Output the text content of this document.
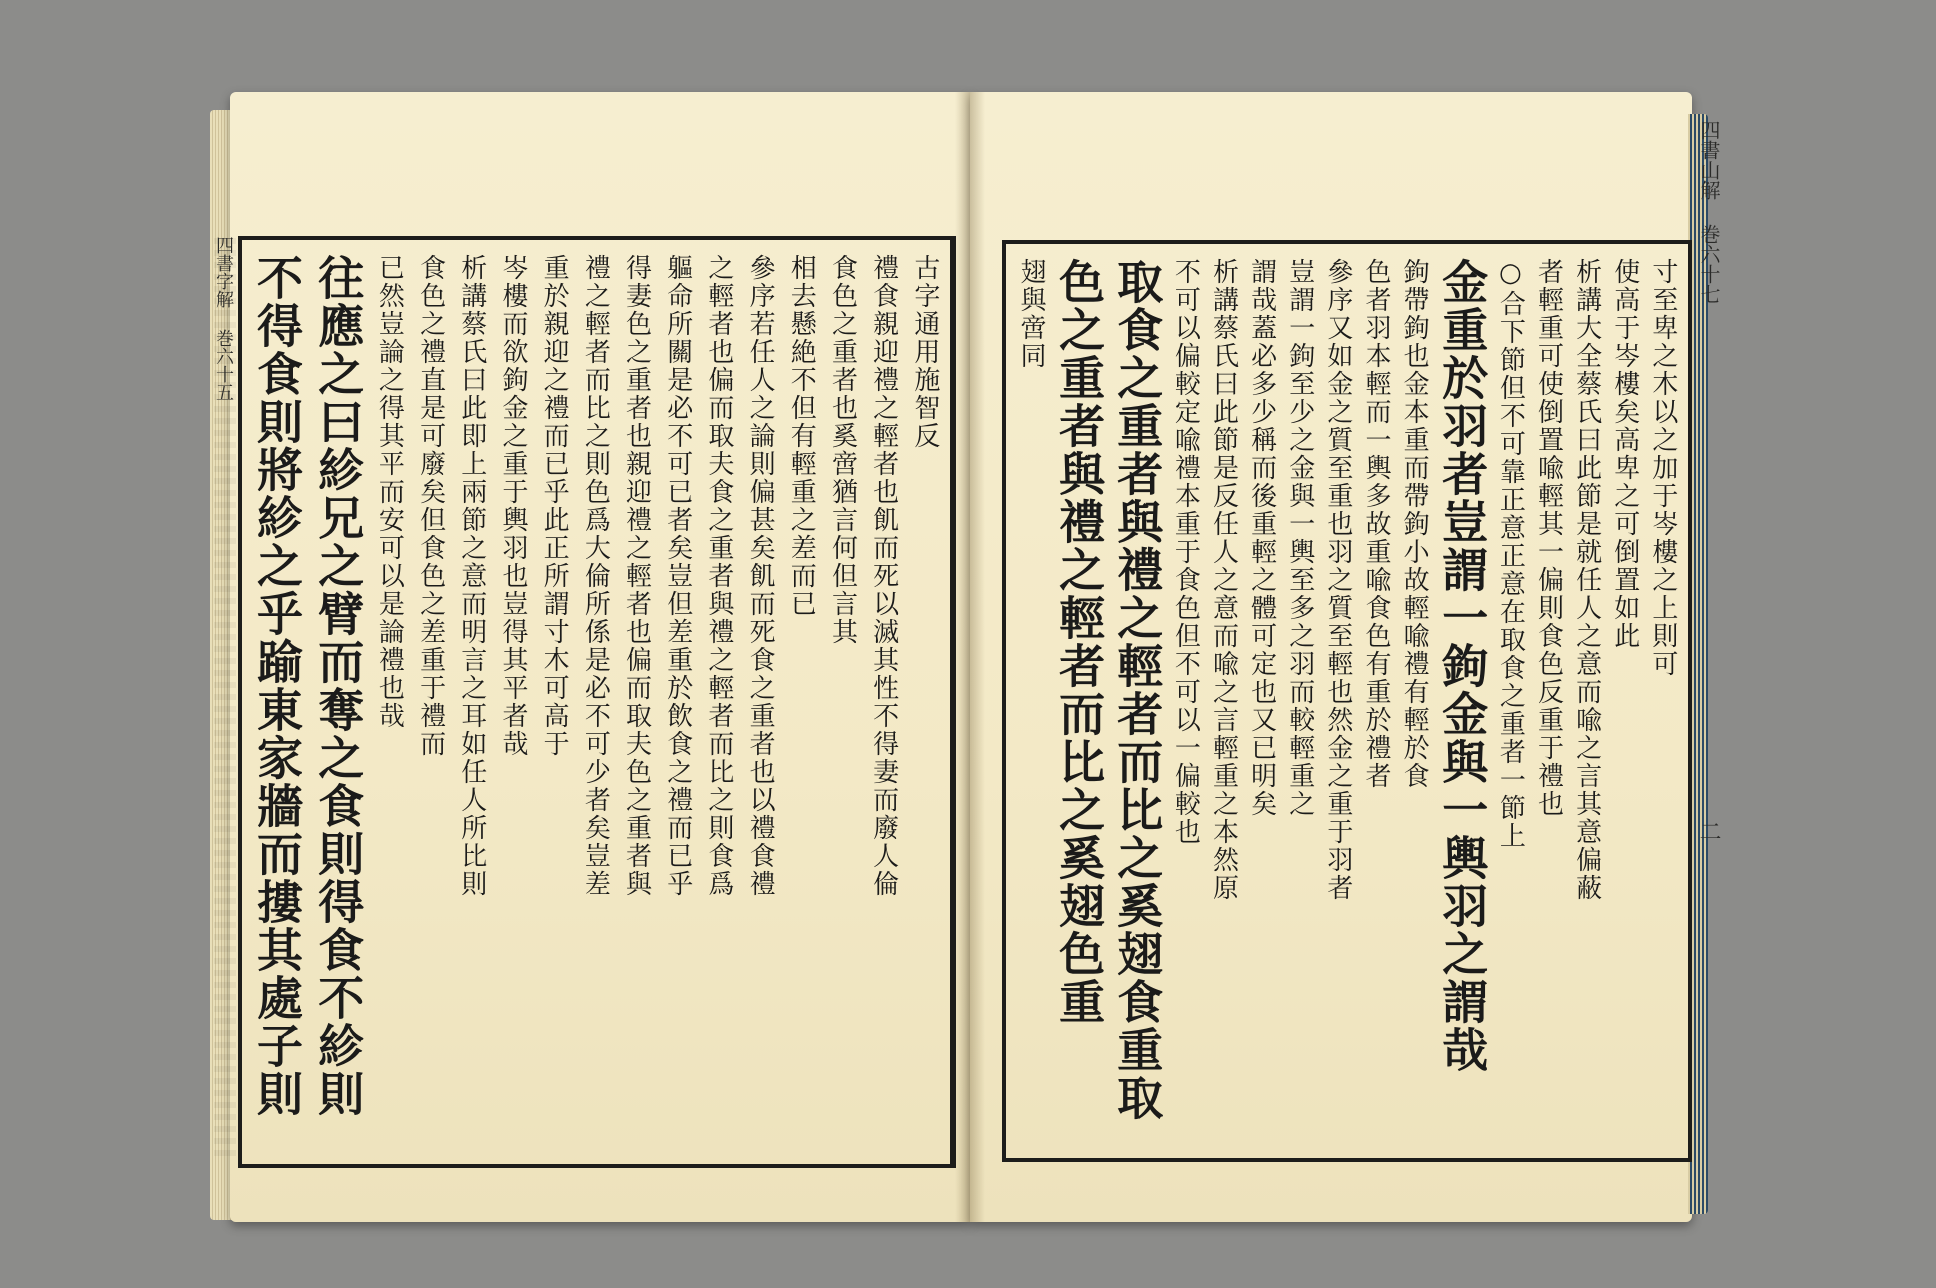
四書字解 巻六十五	古字通用施智反
禮食親迎禮之輕者也飢而死以滅其性不得妻而廢人倫
食色之重者也奚啻猶言何但言其
相去懸絶不但有輕重之差而已
參序若任人之論則偏甚矣飢而死食之重者也以禮食禮
之輕者也偏而取夫食之重者與禮之輕者而比之則食爲
軀命所關是必不可已者矣豈但差重於飲食之禮而已乎
得妻色之重者也親迎禮之輕者也偏而取夫色之重者與
禮之輕者而比之則色爲大倫所係是必不可少者矣豈差
重於親迎之禮而已乎此正所謂寸木可高于
岑樓而欲鉤金之重于輿羽也豈得其平者哉
析講蔡氏曰此即上兩節之意而明言之耳如任人所比則
食色之禮直是可廢矣但食色之差重于禮而
已然豈論之得其平而安可以是論禮也哉
往應之曰紾兄之臂而奪之食則得食不紾則
不得食則將紾之乎踰東家牆而摟其處子則	寸至卑之木以之加于岑樓之上則可
使高于岑樓矣高卑之可倒置如此
析講大全蔡氏曰此節是就任人之意而喩之言其意偏蔽
者輕重可使倒置喩輕其一偏則食色反重于禮也
○合下節但不可靠正意正意在取食之重者一節上
金重於羽者豈謂一鉤金與一輿羽之謂哉
鉤帶鉤也金本重而帶鉤小故輕喩禮有輕於食
色者羽本輕而一輿多故重喩食色有重於禮者
參序又如金之質至重也羽之質至輕也然金之重于羽者
豈謂一鉤至少之金與一輿至多之羽而較輕重之
謂哉蓋必多少稱而後重輕之體可定也又已明矣
析講蔡氏曰此節是反任人之意而喩之言輕重之本然原
不可以偏較定喩禮本重于食色但不可以一偏較也
取食之重者與禮之輕者而比之奚翅食重取
色之重者與禮之輕者而比之奚翅色重
翅與啻同
四書山解 巻六十七
二
